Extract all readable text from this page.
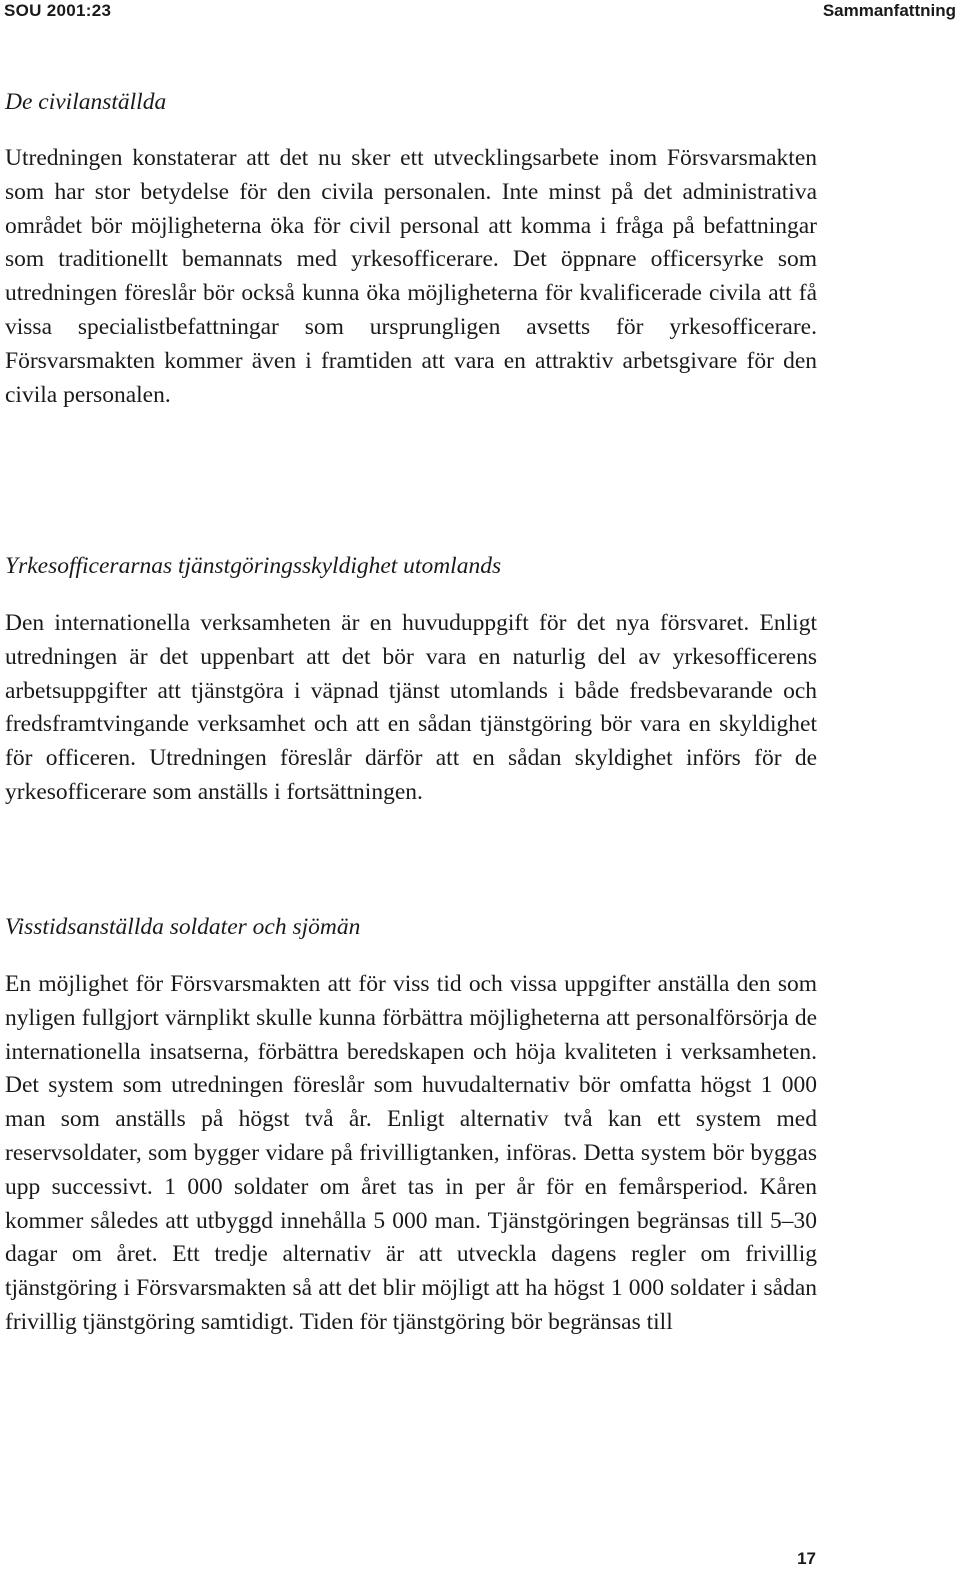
SOU 2001:23	Sammanfattning
De civilanställda
Utredningen konstaterar att det nu sker ett utvecklingsarbete inom Försvarsmakten som har stor betydelse för den civila personalen. Inte minst på det administrativa området bör möjligheterna öka för civil personal att komma i fråga på befattningar som traditionellt bemannats med yrkesofficerare. Det öppnare officersyrke som utredningen föreslår bör också kunna öka möjligheterna för kvalificerade civila att få vissa specialistbefattningar som ursprungligen avsetts för yrkesofficerare. Försvarsmakten kommer även i framtiden att vara en attraktiv arbetsgivare för den civila personalen.
Yrkesofficerarnas tjänstgöringsskyldighet utomlands
Den internationella verksamheten är en huvuduppgift för det nya försvaret. Enligt utredningen är det uppenbart att det bör vara en naturlig del av yrkesofficerens arbetsuppgifter att tjänstgöra i väpnad tjänst utomlands i både fredsbevarande och fredsframtvingande verksamhet och att en sådan tjänstgöring bör vara en skyldighet för officeren. Utredningen föreslår därför att en sådan skyldighet införs för de yrkesofficerare som anställs i fortsättningen.
Visstidsanställda soldater och sjömän
En möjlighet för Försvarsmakten att för viss tid och vissa uppgifter anställa den som nyligen fullgjort värnplikt skulle kunna förbättra möjligheterna att personalförsörja de internationella insatserna, förbättra beredskapen och höja kvaliteten i verksamheten. Det system som utredningen föreslår som huvudalternativ bör omfatta högst 1 000 man som anställs på högst två år. Enligt alternativ två kan ett system med reservsoldater, som bygger vidare på frivilligtanken, införas. Detta system bör byggas upp successivt. 1 000 soldater om året tas in per år för en femårsperiod. Kåren kommer således att utbyggd innehålla 5 000 man. Tjänstgöringen begränsas till 5–30 dagar om året. Ett tredje alternativ är att utveckla dagens regler om frivillig tjänstgöring i Försvarsmakten så att det blir möjligt att ha högst 1 000 soldater i sådan frivillig tjänstgöring samtidigt. Tiden för tjänstgöring bör begränsas till
17
